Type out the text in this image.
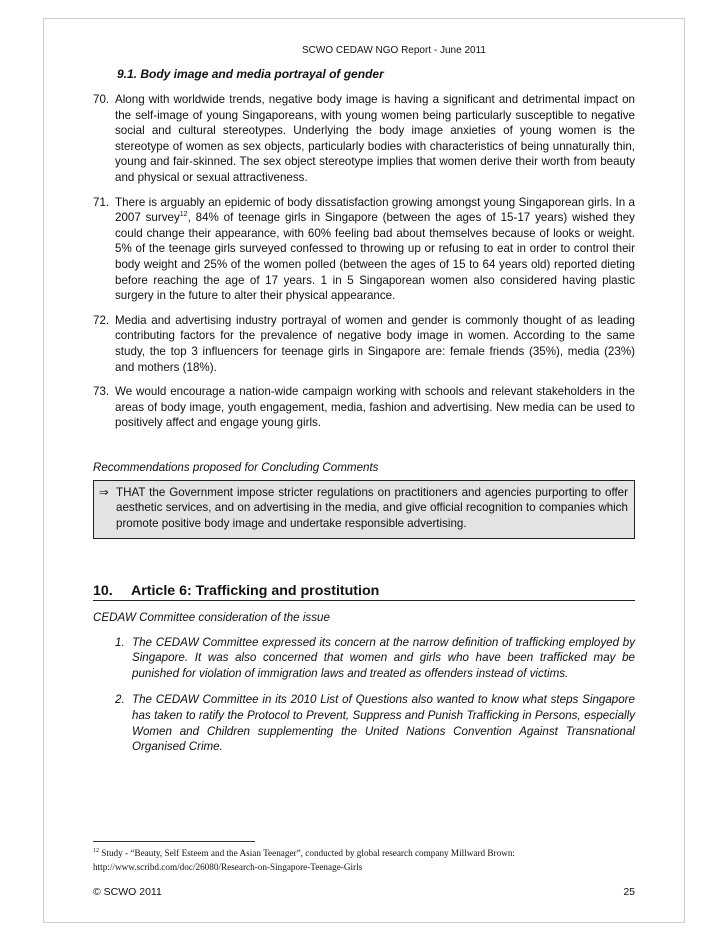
SCWO CEDAW NGO Report - June 2011
9.1. Body image and media portrayal of gender
70. Along with worldwide trends, negative body image is having a significant and detrimental impact on the self-image of young Singaporeans, with young women being particularly susceptible to negative social and cultural stereotypes. Underlying the body image anxieties of young women is the stereotype of women as sex objects, particularly bodies with characteristics of being unnaturally thin, young and fair-skinned. The sex object stereotype implies that women derive their worth from beauty and physical or sexual attractiveness.
71. There is arguably an epidemic of body dissatisfaction growing amongst young Singaporean girls. In a 2007 survey$^{12}$, 84% of teenage girls in Singapore (between the ages of 15-17 years) wished they could change their appearance, with 60% feeling bad about themselves because of looks or weight. 5% of the teenage girls surveyed confessed to throwing up or refusing to eat in order to control their body weight and 25% of the women polled (between the ages of 15 to 64 years old) reported dieting before reaching the age of 17 years. 1 in 5 Singaporean women also considered having plastic surgery in the future to alter their physical appearance.
72. Media and advertising industry portrayal of women and gender is commonly thought of as leading contributing factors for the prevalence of negative body image in women. According to the same study, the top 3 influencers for teenage girls in Singapore are: female friends (35%), media (23%) and mothers (18%).
73. We would encourage a nation-wide campaign working with schools and relevant stakeholders in the areas of body image, youth engagement, media, fashion and advertising. New media can be used to positively affect and engage young girls.
Recommendations proposed for Concluding Comments
⇒ THAT the Government impose stricter regulations on practitioners and agencies purporting to offer aesthetic services, and on advertising in the media, and give official recognition to companies which promote positive body image and undertake responsible advertising.
10. Article 6: Trafficking and prostitution
CEDAW Committee consideration of the issue
1. The CEDAW Committee expressed its concern at the narrow definition of trafficking employed by Singapore. It was also concerned that women and girls who have been trafficked may be punished for violation of immigration laws and treated as offenders instead of victims.
2. The CEDAW Committee in its 2010 List of Questions also wanted to know what steps Singapore has taken to ratify the Protocol to Prevent, Suppress and Punish Trafficking in Persons, especially Women and Children supplementing the United Nations Convention Against Transnational Organised Crime.
$^{12}$ Study - “Beauty, Self Esteem and the Asian Teenager”, conducted by global research company Millward Brown:
http://www.scribd.com/doc/26080/Research-on-Singapore-Teenage-Girls
© SCWO 2011	25
